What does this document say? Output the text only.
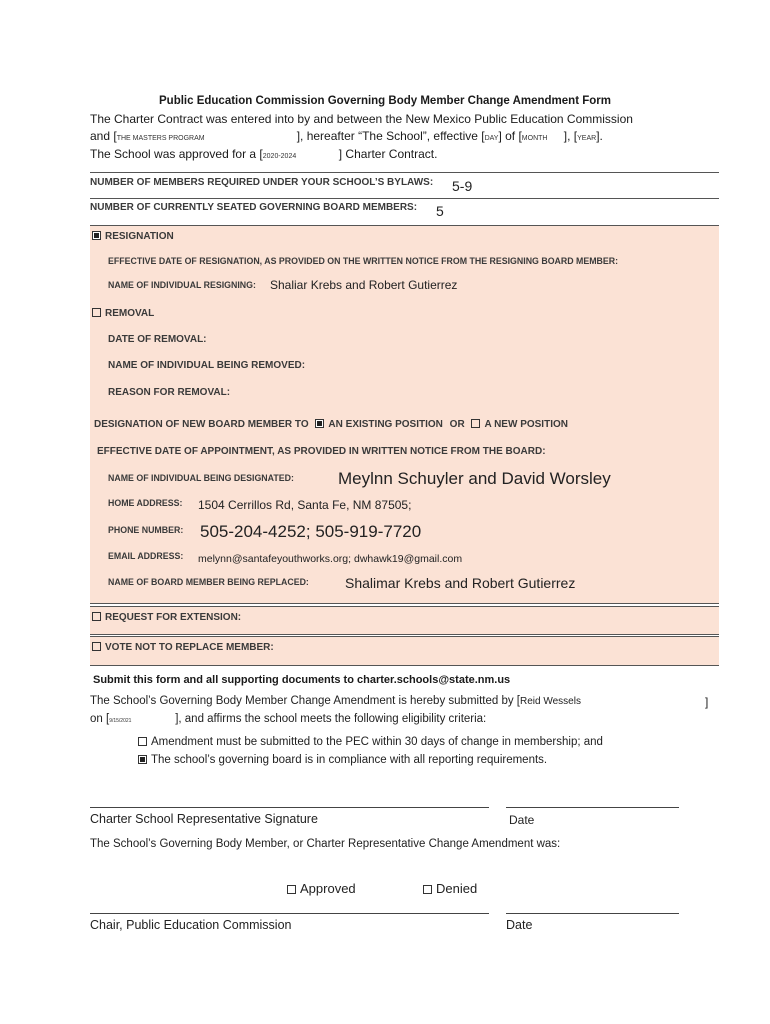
Public Education Commission Governing Body Member Change Amendment Form
The Charter Contract was entered into by and between the New Mexico Public Education Commission
and [THE MASTERS PROGRAM	], hereafter “The School”, effective [DAY] of [MONTH ], [YEAR].
The School was approved for a [2020-2024	] Charter Contract.
NUMBER OF MEMBERS REQUIRED UNDER YOUR SCHOOL’S BYLAWS: 5-9
NUMBER OF CURRENTLY SEATED GOVERNING BOARD MEMBERS: 5
RESIGNATION
EFFECTIVE DATE OF RESIGNATION, AS PROVIDED ON THE WRITTEN NOTICE FROM THE RESIGNING BOARD MEMBER:
NAME OF INDIVIDUAL RESIGNING: Shaliar Krebs and Robert Gutierrez
REMOVAL
DATE OF REMOVAL:
NAME OF INDIVIDUAL BEING REMOVED:
REASON FOR REMOVAL:
DESIGNATION OF NEW BOARD MEMBER TO AN EXISTING POSITION OR A NEW POSITION
EFFECTIVE DATE OF APPOINTMENT, AS PROVIDED IN WRITTEN NOTICE FROM THE BOARD:
NAME OF INDIVIDUAL BEING DESIGNATED:	Meylnn Schuyler and David Worsley
HOME ADDRESS: 1504 Cerrillos Rd, Santa Fe, NM 87505;
PHONE NUMBER: 505-204-4252; 505-919-7720
EMAIL ADDRESS: melynn@santafeyouthworks.org; dwhawk19@gmail.com
NAME OF BOARD MEMBER BEING REPLACED:	Shalimar Krebs and Robert Gutierrez
REQUEST FOR EXTENSION:
VOTE NOT TO REPLACE MEMBER:
Submit this form and all supporting documents to charter.schools@state.nm.us
The School’s Governing Body Member Change Amendment is hereby submitted by [Reid Wessels	]
on [9/15/2021	], and affirms the school meets the following eligibility criteria:
Amendment must be submitted to the PEC within 30 days of change in membership; and
The school’s governing board is in compliance with all reporting requirements.
Charter School Representative Signature	Date
The School’s Governing Body Member, or Charter Representative Change Amendment was:
Approved	Denied
Chair, Public Education Commission	Date
